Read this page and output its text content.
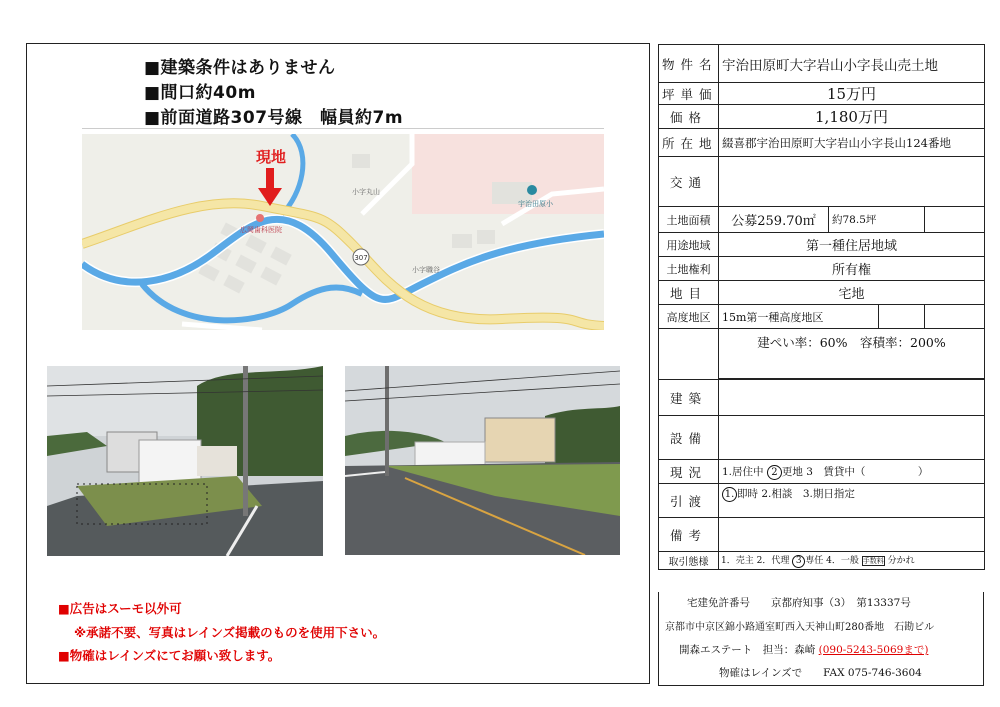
■建築条件はありません
■間口約40m
■前面道路307号線　幅員約7m
307
現地
広岡歯科医院
小字丸山
小字職谷
宇治田原小
■広告はスーモ以外可
※承諾不要、写真はレインズ掲載のものを使用下さい。
■物確はレインズにてお願い致します。
物件名	宇治田原町大字岩山小字長山売土地			
坪単価	15万円			
価格	1,180万円			
所在地	綴喜郡宇治田原町大字岩山小字長山124番地			
交通				
土地面積	公募259.70㎡	約78.5坪		
用途地域	第一種住居地域			
土地権利	所有権			
地目	宅地			
高度地区	15m第一種高度地区			
	建ぺい率：60%　容積率：200%			

建築				
設備				
現況	1.居住中 2 更地 3　賃貸中（　　　　　）			
引渡	1. 即時 2.相談　3.期日指定			
備考				
取引態様	1．売主 2．代理 3 専任 4．一般 手数料 分かれ			
宅建免許番号　　京都府知事（3）　第13337号
京都市中京区錦小路通室町西入天神山町280番地　石勘ビル
開森エステート　担当：森崎 (090-5243-5069まで)
物確はレインズで　　FAX 075-746-3604
